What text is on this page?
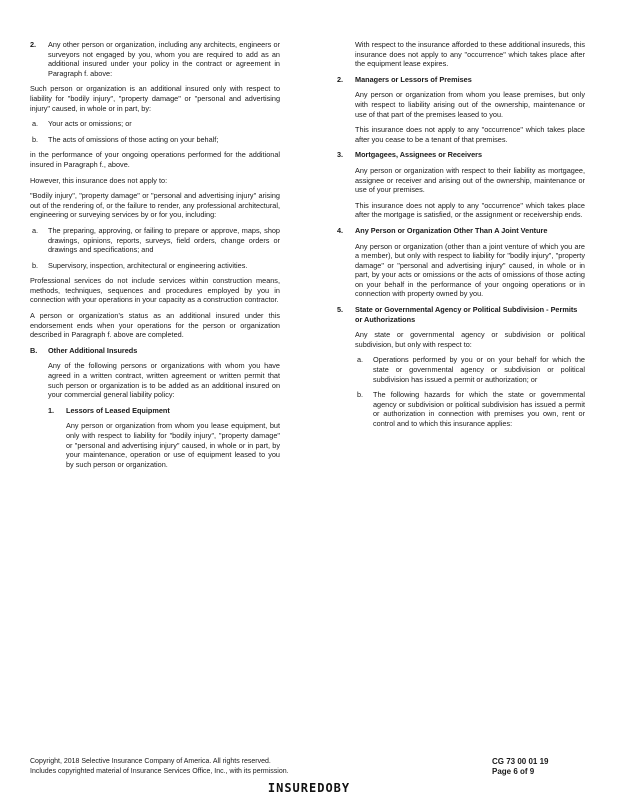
2. Any other person or organization, including any architects, engineers or surveyors not engaged by you, whom you are required to add as an additional insured under your policy in the contract or agreement in Paragraph f. above:

Such person or organization is an additional insured only with respect to liability for "bodily injury", "property damage" or "personal and advertising injury" caused, in whole or in part, by:

a. Your acts or omissions; or

b. The acts of omissions of those acting on your behalf;

in the performance of your ongoing operations performed for the additional insured in Paragraph f., above.

However, this insurance does not apply to:

"Bodily injury", "property damage" or "personal and advertising injury" arising out of the rendering of, or the failure to render, any professional architectural, engineering or surveying services by or for you, including:

a. The preparing, approving, or failing to prepare or approve, maps, shop drawings, opinions, reports, surveys, field orders, change orders or drawings and specifications; and

b. Supervisory, inspection, architectural or engineering activities.

Professional services do not include services within construction means, methods, techniques, sequences and procedures employed by you in connection with your operations in your capacity as a construction contractor.

A person or organization's status as an additional insured under this endorsement ends when your operations for the person or organization described in Paragraph f. above are completed.

B. Other Additional Insureds

Any of the following persons or organizations with whom you have agreed in a written contract, written agreement or written permit that such person or organization is to be added as an additional insured on your commercial general liability policy:

1. Lessors of Leased Equipment

Any person or organization from whom you lease equipment, but only with respect to liability for "bodily injury", "property damage" or "personal and advertising injury" caused, in whole or in part, by your maintenance, operation or use of equipment leased to you by such person or organization.

With respect to the insurance afforded to these additional insureds, this insurance does not apply to any "occurrence" which takes place after the equipment lease expires.

2. Managers or Lessors of Premises

Any person or organization from whom you lease premises, but only with respect to liability arising out of the ownership, maintenance or use of that part of the premises leased to you.

This insurance does not apply to any "occurrence" which takes place after you cease to be a tenant of that premises.

3. Mortgagees, Assignees or Receivers

Any person or organization with respect to their liability as mortgagee, assignee or receiver and arising out of the ownership, maintenance or use of your premises.

This insurance does not apply to any "occurrence" which takes place after the mortgage is satisfied, or the assignment or receivership ends.

4. Any Person or Organization Other Than A Joint Venture

Any person or organization (other than a joint venture of which you are a member), but only with respect to liability for "bodily injury", "property damage" or "personal and advertising injury" caused, in whole or in part, by your acts or omissions or the acts of omissions of those acting on your behalf in the performance of your ongoing operations or in connection with property owned by you.

5. State or Governmental Agency or Political Subdivision - Permits or Authorizations

Any state or governmental agency or subdivision or political subdivision, but only with respect to:

a. Operations performed by you or on your behalf for which the state or governmental agency or subdivision or political subdivision has issued a permit or authorization; or

b. The following hazards for which the state or governmental agency or subdivision or political subdivision has issued a permit or authorization in connection with premises you own, rent or control and to which this insurance applies:

Copyright, 2018 Selective Insurance Company of America. All rights reserved.
Includes copyrighted material of Insurance Services Office, Inc., with its permission.
CG 73 00 01 19
Page 6 of 9
INSUREDOBY
